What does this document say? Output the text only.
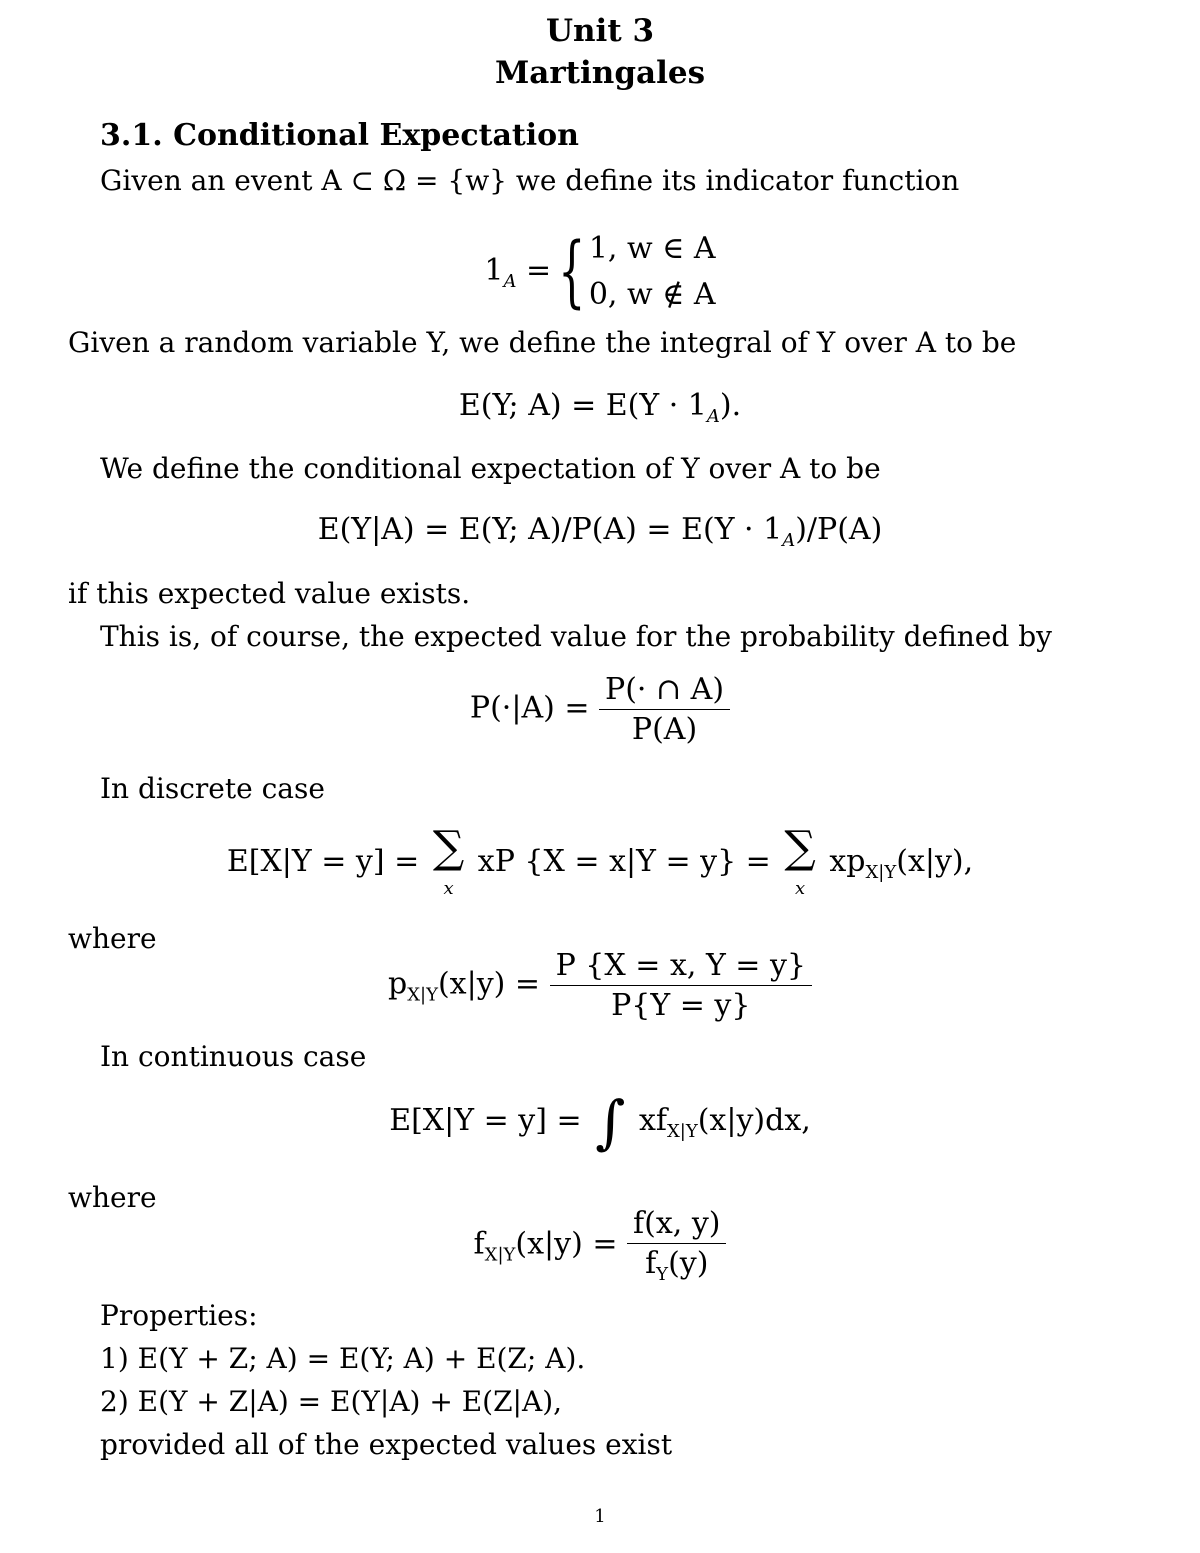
Unit 3
Martingales
3.1. Conditional Expectation
Given an event A ⊂ Ω = {w} we define its indicator function
$1_A$ = { 1, w ∈ A
0, w ∉ A
Given a random variable Y, we define the integral of Y over A to be
E(Y; $A) = E(Y \cdot 1_A)$.
We define the conditional expectation of Y over A to be
E(Y|A) = E(Y; $A)/P(A) = E(Y \cdot 1_A)/P(A)$
if this expected value exists.
This is, of course, the expected value for the probability defined by
$P(\cdot|A) = \frac{P(\cdot \cap A)}{P(A)}$
In discrete case
E[X|Y = y] = ∑
x
xP {X = x|Y = y} = ∑
x
$xp_{X|Y}(x|y)$,
where
$p_{X|Y}(x|y) = \frac{P \{X = x, Y = y\}}{P\{Y = y\}}$
In continuous case
E[X|Y = y] = ∫ $xf_{X|Y}(x|y)dx$,
where
$f_{X|Y}(x|y) = \frac{f(x, y)}{f_Y(y)}$
Properties:
1) E(Y + Z; A) = E(Y; A) + E(Z; A).
2) E(Y + Z|A) = E(Y|A) + E(Z|A),
provided all of the expected values exist
1
